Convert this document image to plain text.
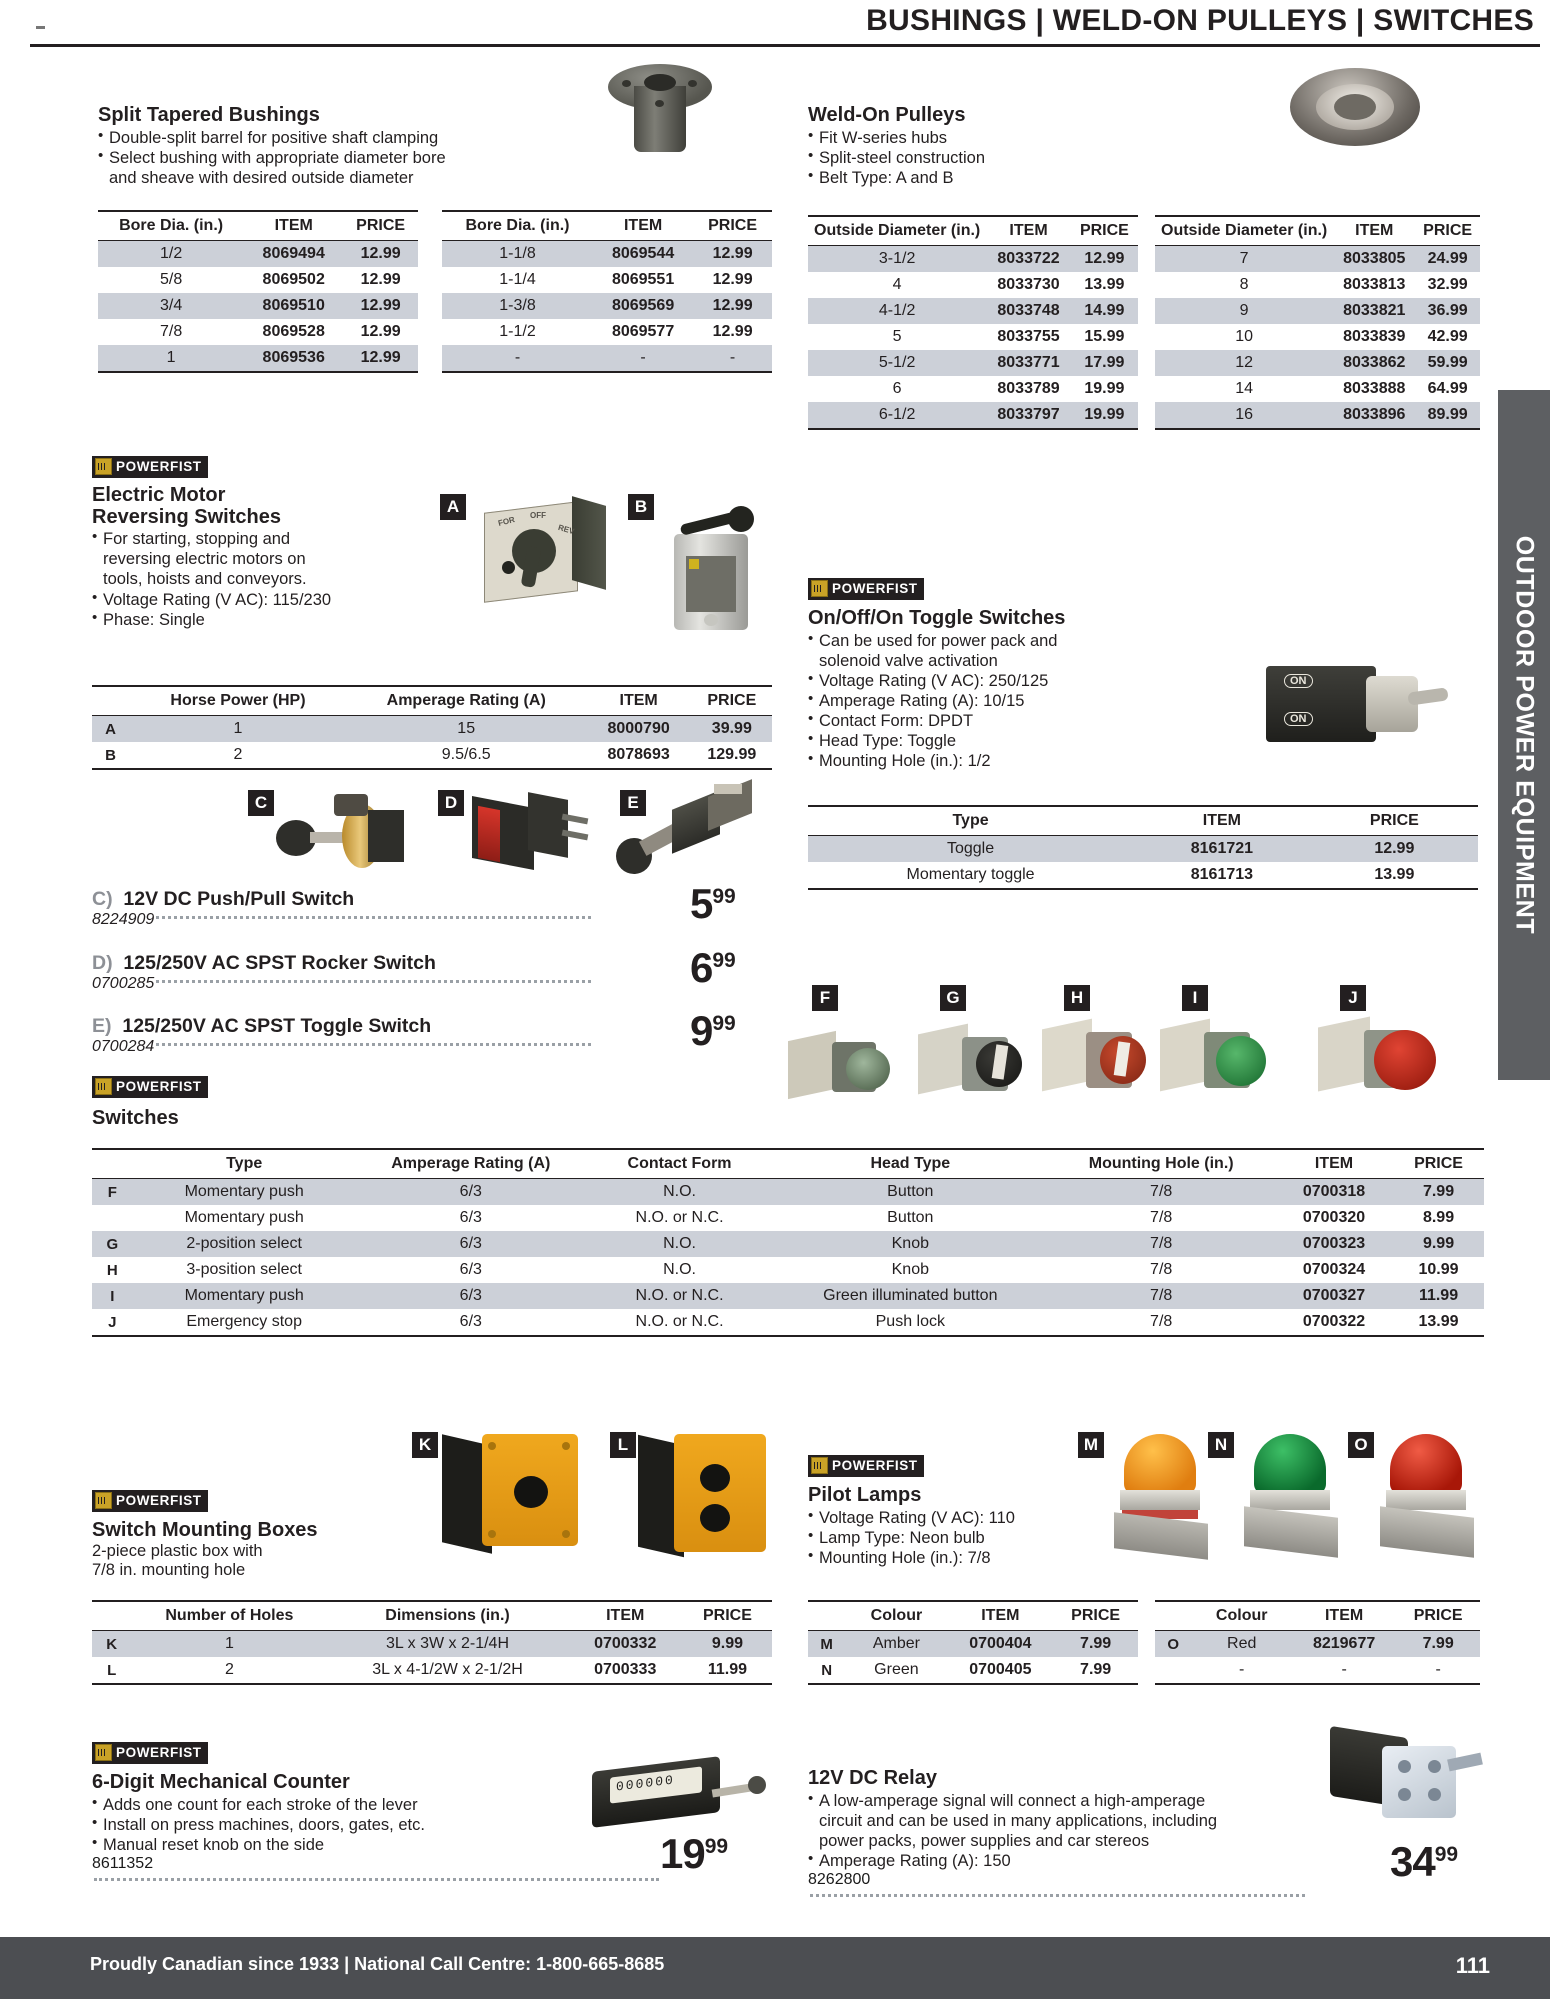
BUSHINGS | WELD-ON PULLEYS | SWITCHES
OUTDOOR POWER EQUIPMENT
Split Tapered Bushings
• Double-split barrel for positive shaft clamping
• Select bushing with appropriate diameter bore
and sheave with desired outside diameter
Bore Dia. (in.)	ITEM	PRICE
1/2	8069494	12.99
5/8	8069502	12.99
3/4	8069510	12.99
7/8	8069528	12.99
1	8069536	12.99
Bore Dia. (in.)	ITEM	PRICE
1-1/8	8069544	12.99
1-1/4	8069551	12.99
1-3/8	8069569	12.99
1-1/2	8069577	12.99
-	-	-
Weld-On Pulleys
• Fit W-series hubs
• Split-steel construction
• Belt Type: A and B
Outside Diameter (in.)	ITEM	PRICE
3-1/2	8033722	12.99
4	8033730	13.99
4-1/2	8033748	14.99
5	8033755	15.99
5-1/2	8033771	17.99
6	8033789	19.99
6-1/2	8033797	19.99
Outside Diameter (in.)	ITEM	PRICE
7	8033805	24.99
8	8033813	32.99
9	8033821	36.99
10	8033839	42.99
12	8033862	59.99
14	8033888	64.99
16	8033896	89.99
POWERFIST
Electric Motor
Reversing Switches
• For starting, stopping and
reversing electric motors on
tools, hoists and conveyors.
• Voltage Rating (V AC): 115/230
• Phase: Single
A
FOR OFF
REV
B
	Horse Power (HP)	Amperage Rating (A)	ITEM	PRICE
A	1	15	8000790	39.99
B	2	9.5/6.5	8078693	129.99
C	D	E
C) 12V DC Push/Pull Switch
8224909	$5^{99}$
D) 125/250V AC SPST Rocker Switch
0700285	$6^{99}$
E) 125/250V AC SPST Toggle Switch
0700284	$9^{99}$
POWERFIST
On/Off/On Toggle Switches
• Can be used for power pack and
solenoid valve activation
• Voltage Rating (V AC): 250/125
• Amperage Rating (A): 10/15
• Contact Form: DPDT
• Head Type: Toggle
• Mounting Hole (in.): 1/2
ON
ON
Type	ITEM	PRICE
Toggle	8161721	12.99
Momentary toggle	8161713	13.99
F	G	H	I	J
POWERFIST
Switches
	Type	Amperage Rating (A)	Contact Form	Head Type	Mounting Hole (in.)	ITEM	PRICE
F	Momentary push	6/3	N.O.	Button	7/8	0700318	7.99
	Momentary push	6/3	N.O. or N.C.	Button	7/8	0700320	8.99
G	2-position select	6/3	N.O.	Knob	7/8	0700323	9.99
H	3-position select	6/3	N.O.	Knob	7/8	0700324	10.99
I	Momentary push	6/3	N.O. or N.C.	Green illuminated button	7/8	0700327	11.99
J	Emergency stop	6/3	N.O. or N.C.	Push lock	7/8	0700322	13.99
K	L
POWERFIST
Switch Mounting Boxes
2-piece plastic box with
7/8 in. mounting hole
	Number of Holes	Dimensions (in.)	ITEM	PRICE
K	1	3L x 3W x 2-1/4H	0700332	9.99
L	2	3L x 4-1/2W x 2-1/2H	0700333	11.99
POWERFIST
Pilot Lamps
• Voltage Rating (V AC): 110
• Lamp Type: Neon bulb
• Mounting Hole (in.): 7/8
M	N	O
	Colour	ITEM	PRICE
M	Amber	0700404	7.99
N	Green	0700405	7.99
	Colour	ITEM	PRICE
O	Red	8219677	7.99
	-	-	-
POWERFIST
6-Digit Mechanical Counter
• Adds one count for each stroke of the lever
• Install on press machines, doors, gates, etc.
• Manual reset knob on the side
8611352	$19^{99}$
000000	12V DC Relay
• A low-amperage signal will connect a high-amperage
circuit and can be used in many applications, including
power packs, power supplies and car stereos
• Amperage Rating (A): 150
8262800	$34^{99}$
Proudly Canadian since 1933 | National Call Centre: 1-800-665-8685	111
